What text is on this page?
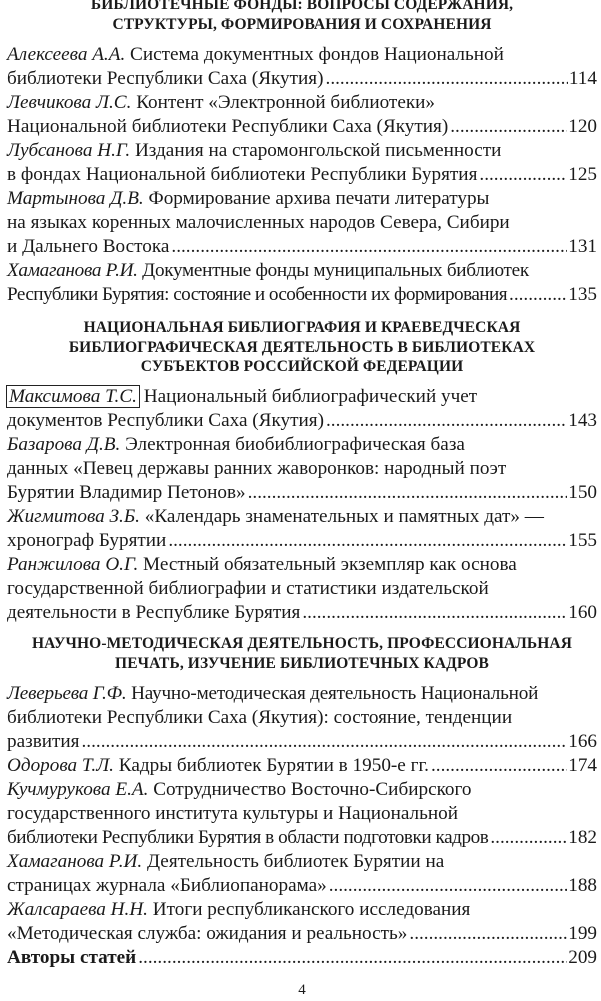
БИБЛИОТЕЧНЫЕ ФОНДЫ: ВОПРОСЫ СОДЕРЖАНИЯ,
СТРУКТУРЫ, ФОРМИРОВАНИЯ И СОХРАНЕНИЯ
Алексеева А.А. Система документных фондов Национальной
библиотеки Республики Саха (Якутия) .....	114
Левчикова Л.С. Контент «Электронной библиотеки»
Национальной библиотеки Республики Саха (Якутия) .....	120
Лубсанова Н.Г. Издания на старомонгольской письменности
в фондах Национальной библиотеки Республики Бурятия .....	125
Мартынова Д.В. Формирование архива печати литературы
на языках коренных малочисленных народов Севера, Сибири
и Дальнего Востока .....	131
Хамаганова Р.И. Документные фонды муниципальных библиотек
Республики Бурятия: состояние и особенности их формирования .....	135
НАЦИОНАЛЬНАЯ БИБЛИОГРАФИЯ И КРАЕВЕДЧЕСКАЯ
БИБЛИОГРАФИЧЕСКАЯ ДЕЯТЕЛЬНОСТЬ В БИБЛИОТЕКАХ
СУБЪЕКТОВ РОССИЙСКОЙ ФЕДЕРАЦИИ
Максимова Т.С. Национальный библиографический учет
документов Республики Саха (Якутия) .....	143
Базарова Д.В. Электронная биобиблиографическая база
данных «Певец державы ранних жаворонков: народный поэт
Бурятии Владимир Петонов» .....	150
Жигмитова З.Б. «Календарь знаменательных и памятных дат» —
хронограф Бурятии .....	155
Ранжилова О.Г. Местный обязательный экземпляр как основа
государственной библиографии и статистики издательской
деятельности в Республике Бурятия .....	160
НАУЧНО-МЕТОДИЧЕСКАЯ ДЕЯТЕЛЬНОСТЬ, ПРОФЕССИОНАЛЬНАЯ
ПЕЧАТЬ, ИЗУЧЕНИЕ БИБЛИОТЕЧНЫХ КАДРОВ
Леверьева Г.Ф. Научно-методическая деятельность Национальной
библиотеки Республики Саха (Якутия): состояние, тенденции
развития .....	166
Одорова Т.Л. Кадры библиотек Бурятии в 1950-е гг. .....	174
Кучмурукова Е.А. Сотрудничество Восточно-Сибирского
государственного института культуры и Национальной
библиотеки Республики Бурятия в области подготовки кадров .....	182
Хамаганова Р.И. Деятельность библиотек Бурятии на
страницах журнала «Библиопанорама» .....	188
Жалсараева Н.Н. Итоги республиканского исследования
«Методическая служба: ожидания и реальность» .....	199
Авторы статей .....	209
4
